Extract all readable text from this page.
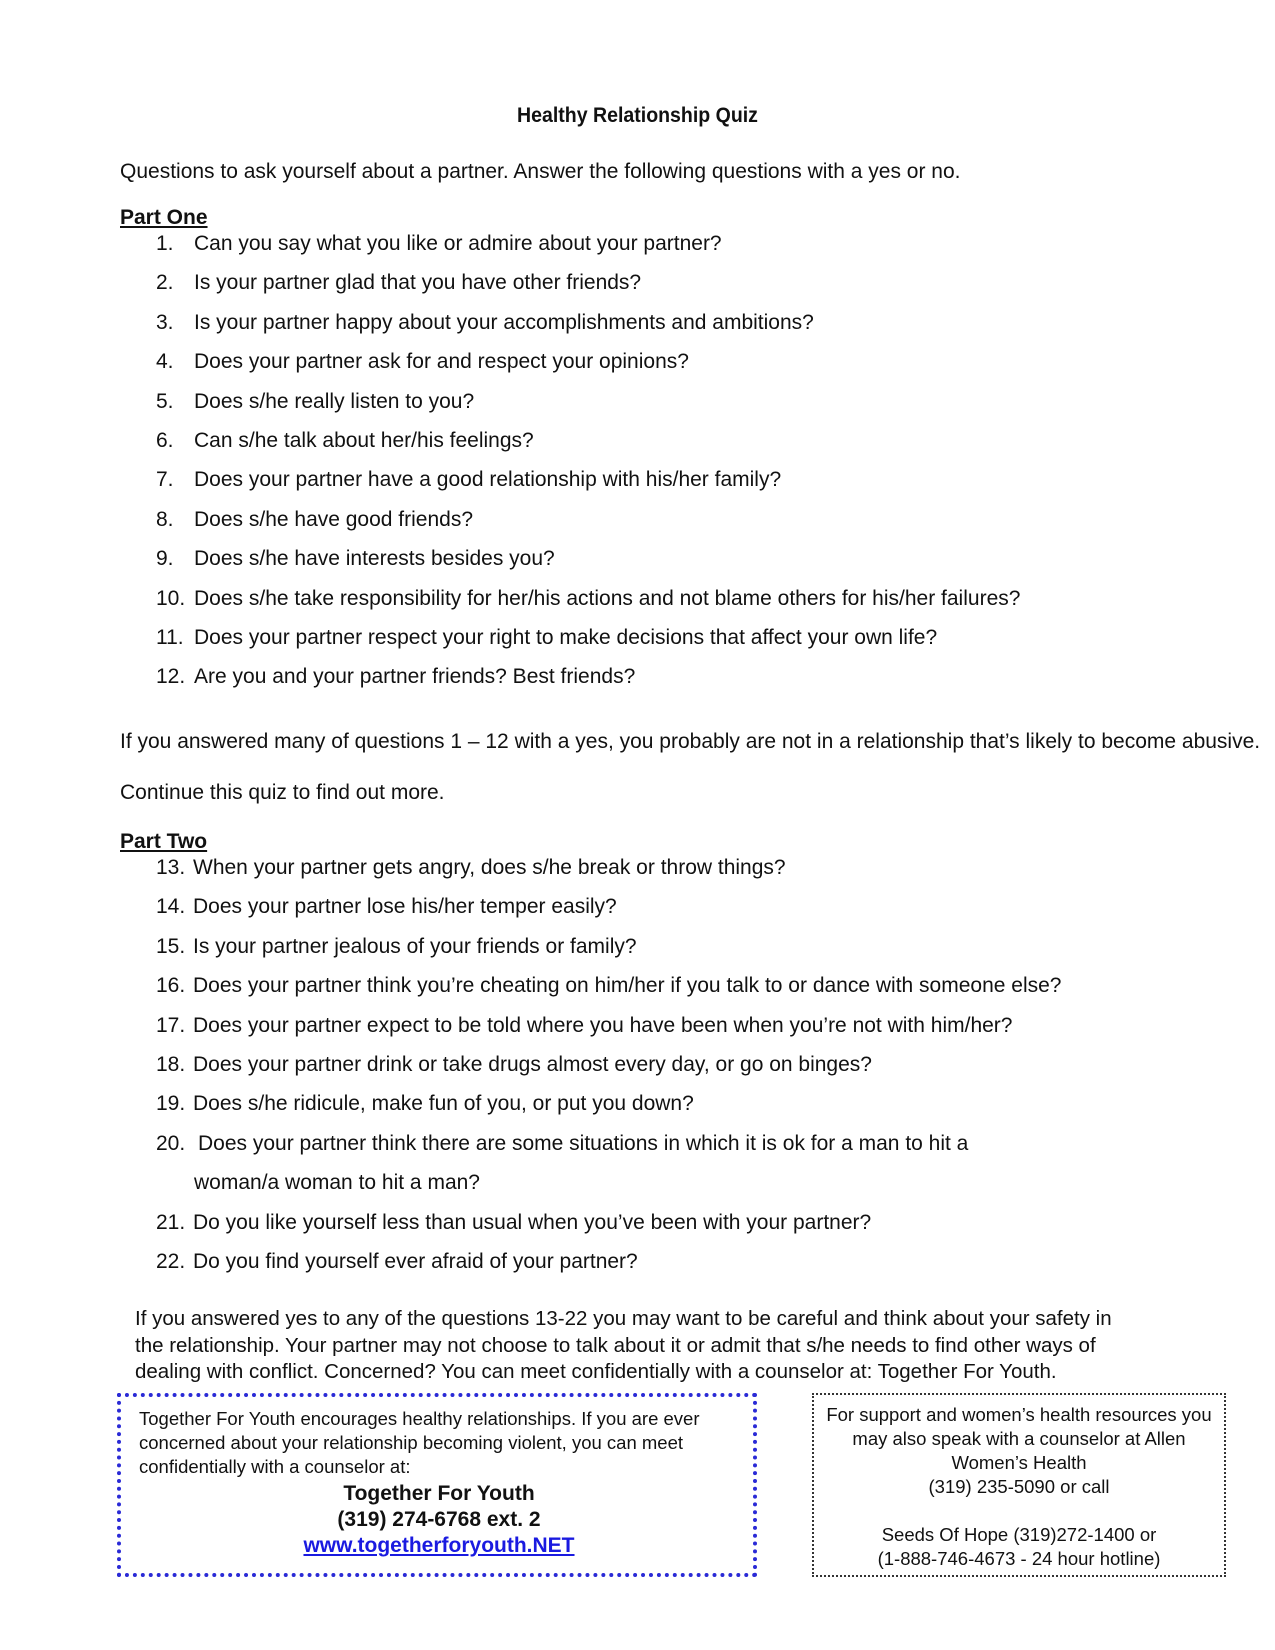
Healthy Relationship Quiz
Questions to ask yourself about a partner. Answer the following questions with a yes or no.
Part One
1. Can you say what you like or admire about your partner?
2. Is your partner glad that you have other friends?
3. Is your partner happy about your accomplishments and ambitions?
4. Does your partner ask for and respect your opinions?
5. Does s/he really listen to you?
6. Can s/he talk about her/his feelings?
7. Does your partner have a good relationship with his/her family?
8. Does s/he have good friends?
9. Does s/he have interests besides you?
10. Does s/he take responsibility for her/his actions and not blame others for his/her failures?
11. Does your partner respect your right to make decisions that affect your own life?
12. Are you and your partner friends? Best friends?
If you answered many of questions 1 – 12 with a yes, you probably are not in a relationship that’s likely to become abusive.
Continue this quiz to find out more.
Part Two
13. When your partner gets angry, does s/he break or throw things?
14. Does your partner lose his/her temper easily?
15. Is your partner jealous of your friends or family?
16. Does your partner think you’re cheating on him/her if you talk to or dance with someone else?
17. Does your partner expect to be told where you have been when you’re not with him/her?
18. Does your partner drink or take drugs almost every day, or go on binges?
19. Does s/he ridicule, make fun of you, or put you down?
20. Does your partner think there are some situations in which it is ok for a man to hit a
woman/a woman to hit a man?
21. Do you like yourself less than usual when you’ve been with your partner?
22. Do you find yourself ever afraid of your partner?
If you answered yes to any of the questions 13-22 you may want to be careful and think about your safety in the relationship. Your partner may not choose to talk about it or admit that s/he needs to find other ways of dealing with conflict. Concerned? You can meet confidentially with a counselor at: Together For Youth.
Together For Youth encourages healthy relationships. If you are ever concerned about your relationship becoming violent, you can meet confidentially with a counselor at:
Together For Youth
(319) 274-6768 ext. 2
www.togetherforyouth.NET
For support and women’s health resources you may also speak with a counselor at Allen Women’s Health
(319) 235-5090 or call
Seeds Of Hope (319)272-1400 or
(1-888-746-4673 - 24 hour hotline)
